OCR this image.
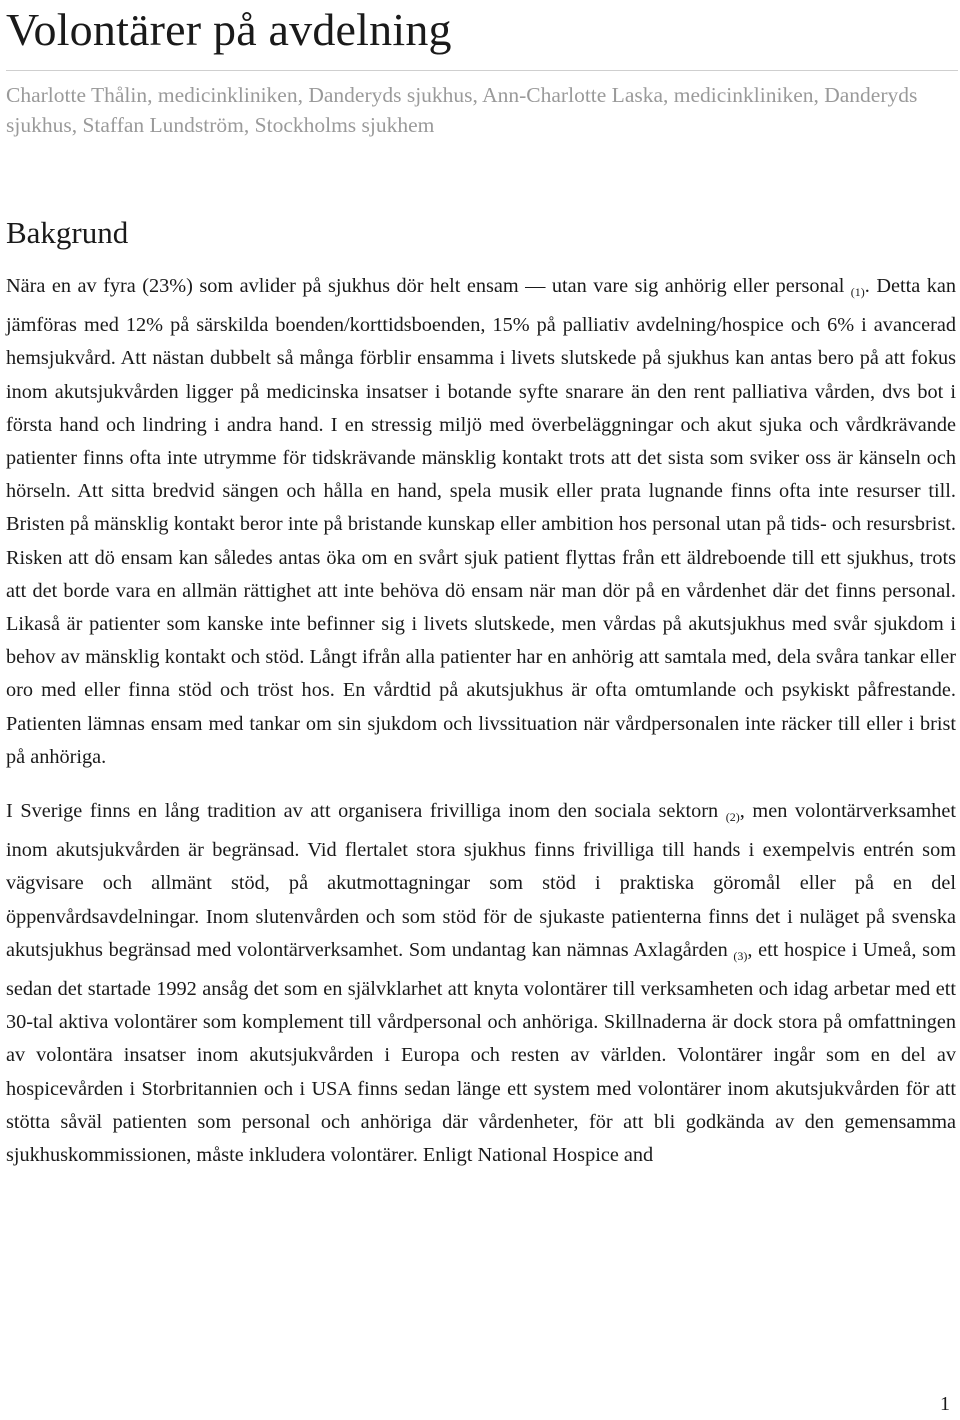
Volontärer på avdelning

Charlotte Thålin, medicinkliniken, Danderyds sjukhus, Ann-Charlotte Laska, medicinkliniken, Danderyds sjukhus, Staffan Lundström, Stockholms sjukhem

Bakgrund

Nära en av fyra (23%) som avlider på sjukhus dör helt ensam — utan vare sig anhörig eller personal (1). Detta kan jämföras med 12% på särskilda boenden/korttidsboenden, 15% på palliativ avdelning/hospice och 6% i avancerad hemsjukvård. Att nästan dubbelt så många förblir ensamma i livets slutskede på sjukhus kan antas bero på att fokus inom akutsjukvården ligger på medicinska insatser i botande syfte snarare än den rent palliativa vården, dvs bot i första hand och lindring i andra hand. I en stressig miljö med överbeläggningar och akut sjuka och vårdkrävande patienter finns ofta inte utrymme för tidskrävande mänsklig kontakt trots att det sista som sviker oss är känseln och hörseln. Att sitta bredvid sängen och hålla en hand, spela musik eller prata lugnande finns ofta inte resurser till. Bristen på mänsklig kontakt beror inte på bristande kunskap eller ambition hos personal utan på tids- och resursbrist. Risken att dö ensam kan således antas öka om en svårt sjuk patient flyttas från ett äldreboende till ett sjukhus, trots att det borde vara en allmän rättighet att inte behöva dö ensam när man dör på en vårdenhet där det finns personal. Likaså är patienter som kanske inte befinner sig i livets slutskede, men vårdas på akutsjukhus med svår sjukdom i behov av mänsklig kontakt och stöd. Långt ifrån alla patienter har en anhörig att samtala med, dela svåra tankar eller oro med eller finna stöd och tröst hos. En vårdtid på akutsjukhus är ofta omtumlande och psykiskt påfrestande. Patienten lämnas ensam med tankar om sin sjukdom och livssituation när vårdpersonalen inte räcker till eller i brist på anhöriga.

I Sverige finns en lång tradition av att organisera frivilliga inom den sociala sektorn (2), men volontärverksamhet inom akutsjukvården är begränsad. Vid flertalet stora sjukhus finns frivilliga till hands i exempelvis entrén som vägvisare och allmänt stöd, på akutmottagningar som stöd i praktiska göromål eller på en del öppenvårdsavdelningar. Inom slutenvården och som stöd för de sjukaste patienterna finns det i nuläget på svenska akutsjukhus begränsad med volontärverksamhet. Som undantag kan nämnas Axlagården (3), ett hospice i Umeå, som sedan det startade 1992 ansåg det som en självklarhet att knyta volontärer till verksamheten och idag arbetar med ett 30-tal aktiva volontärer som komplement till vårdpersonal och anhöriga. Skillnaderna är dock stora på omfattningen av volontära insatser inom akutsjukvården i Europa och resten av världen. Volontärer ingår som en del av hospicevården i Storbritannien och i USA finns sedan länge ett system med volontärer inom akutsjukvården för att stötta såväl patienten som personal och anhöriga där vårdenheter, för att bli godkända av den gemensamma sjukhuskommissionen, måste inkludera volontärer. Enligt National Hospice and

1
